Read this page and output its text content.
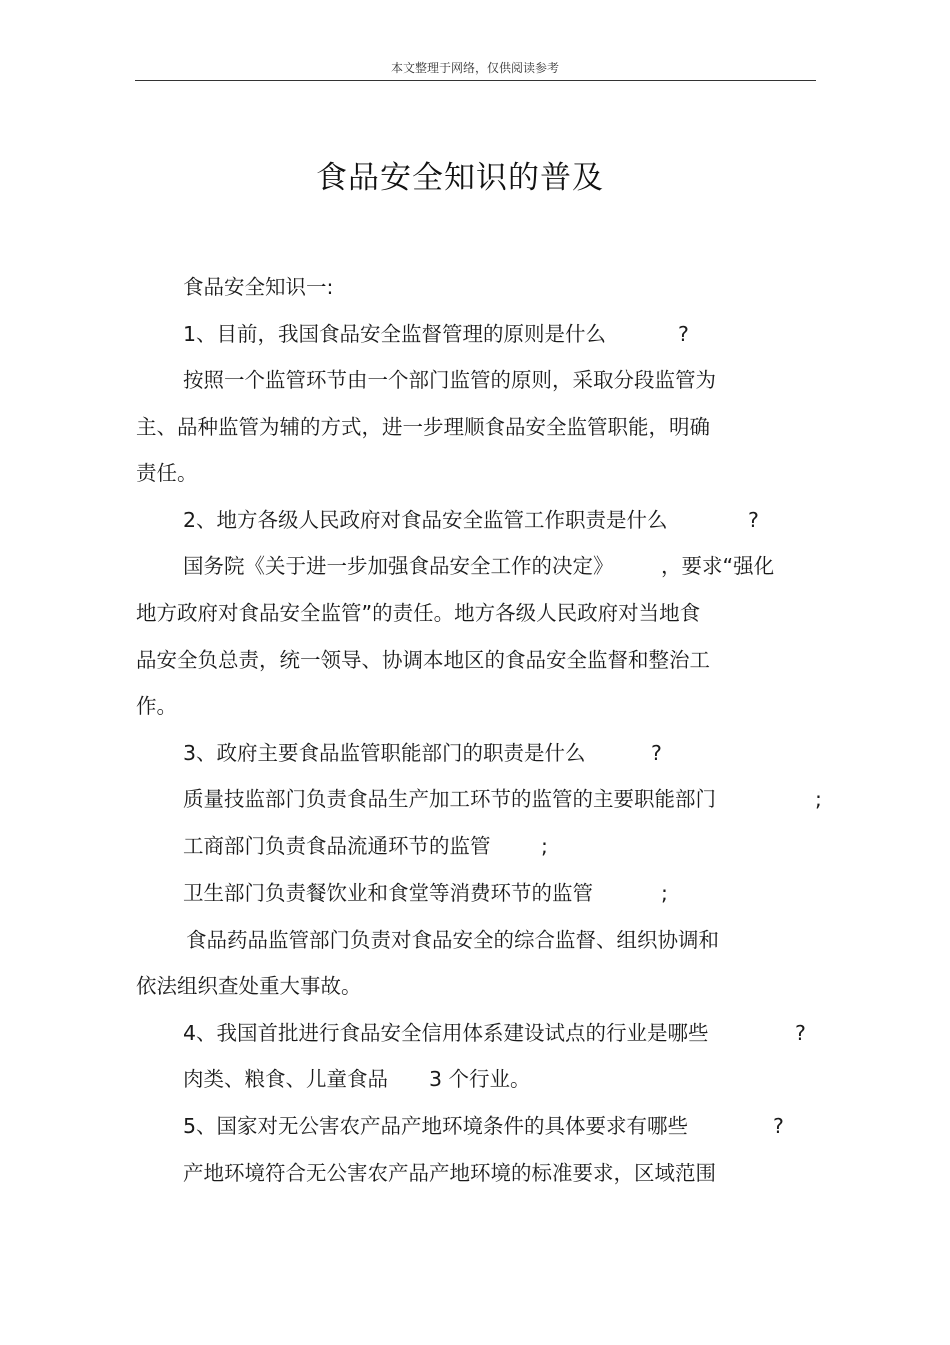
本文整理于网络，仅供阅读参考
食品安全知识的普及
食品安全知识一:
1、目前，我国食品安全监督管理的原则是什么	?
按照一个监管环节由一个部门监管的原则，采取分段监管为
主、品种监管为辅的方式，进一步理顺食品安全监管职能，明确
责任。
2、地方各级人民政府对食品安全监管工作职责是什么	?
国务院《关于进一步加强食品安全工作的决定》 ，要求“强化
地方政府对食品安全监管”的责任。地方各级人民政府对当地食
品安全负总责，统一领导、协调本地区的食品安全监督和整治工
作。
3、政府主要食品监管职能部门的职责是什么	?
质量技监部门负责食品生产加工环节的监管的主要职能部门	;
工商部门负责食品流通环节的监管 ;
卫生部门负责餐饮业和食堂等消费环节的监管	;
食品药品监管部门负责对食品安全的综合监督、组织协调和
依法组织查处重大事故。
4、我国首批进行食品安全信用体系建设试点的行业是哪些	?
肉类、粮食、儿童食品 3 个行业。
5、国家对无公害农产品产地环境条件的具体要求有哪些	?
产地环境符合无公害农产品产地环境的标准要求，区域范围
